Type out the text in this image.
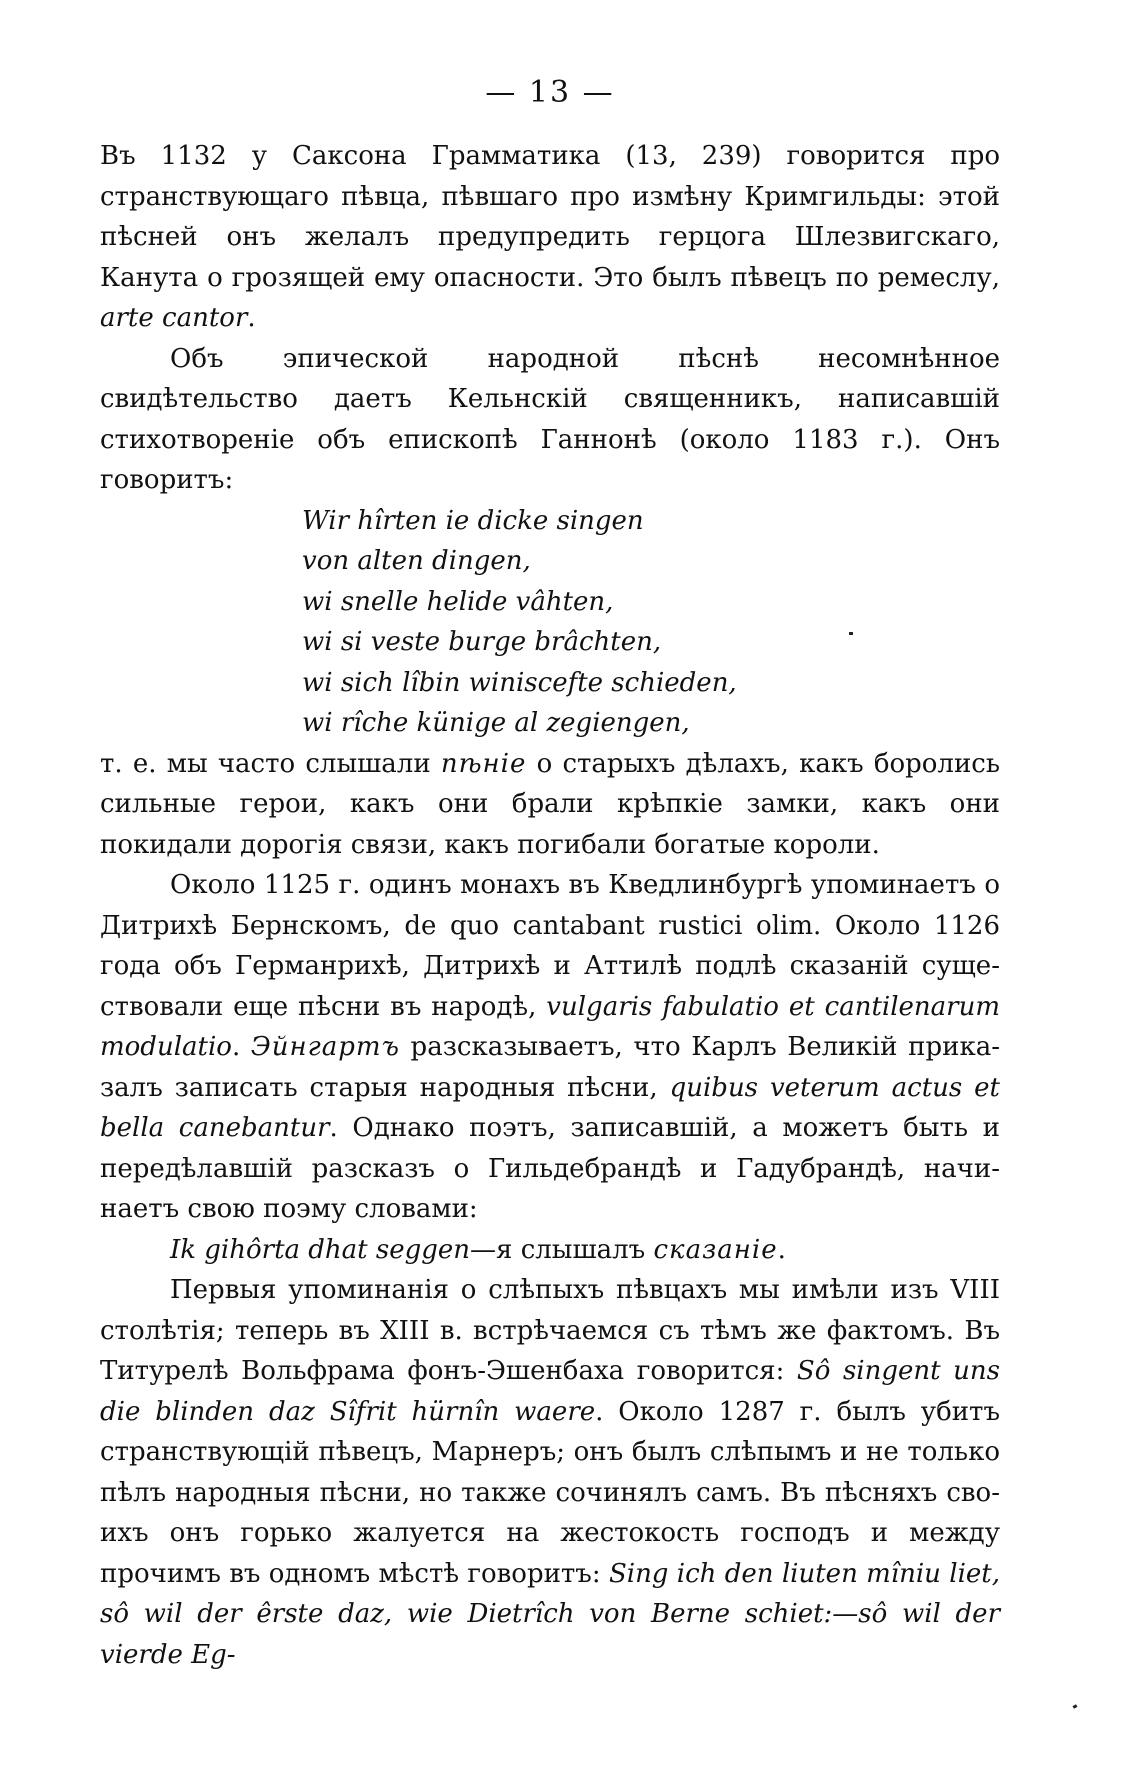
— 13 —

Въ 1132 у Саксона Грамматика (13, 239) говорится про странствующаго пѣвца, пѣвшаго про измѣну Кримгильды: этой пѣсней онъ желалъ предупредить герцога Шлезвигскаго, Канута о грозящей ему опасности. Это былъ пѣвецъ по ремеслу, arte cantor.

Объ эпической народной пѣснѣ несомнѣнное свидѣтельство даетъ Кельнскій священникъ, написавшій стихотвореніе объ епископѣ Ганнонѣ (около 1183 г.). Онъ говоритъ:

Wir hîrten ie dicke singen
von alten dingen,
wi snelle helide vâhten,
wi si veste burge brâchten,
wi sich lîbin winiscefte schieden,
wi rîche künige al zegiengen,

т. е. мы часто слышали пѣніе о старыхъ дѣлахъ, какъ боролись сильные герои, какъ они брали крѣпкіе замки, какъ они покидали дорогія связи, какъ погибали богатые короли.

Около 1125 г. одинъ монахъ въ Кведлинбургѣ упоминаетъ о Дитрихѣ Бернскомъ, de quo cantabant rustici olim. Около 1126 года объ Германрихѣ, Дитрихѣ и Аттилѣ подлѣ сказаній существовали еще пѣсни въ народѣ, vulgaris fabulatio et cantilenarum modulatio. Эйнгартъ разсказываетъ, что Карлъ Великій приказалъ записать старыя народныя пѣсни, quibus veterum actus et bella canebantur. Однако поэтъ, записавшій, а можетъ быть и передѣлавшій разсказъ о Гильдебрандѣ и Гадубрандѣ, начинаетъ свою поэму словами:

Ik gihôrta dhat seggen—я слышалъ сказаніе.

Первыя упоминанія о слѣпыхъ пѣвцахъ мы имѣли изъ VIII столѣтія; теперь въ XIII в. встрѣчаемся съ тѣмъ же фактомъ. Въ Титурелѣ Вольфрама фонъ-Эшенбаха говорится: Sô singent uns die blinden daz Sîfrit hürnîn waere. Около 1287 г. былъ убитъ странствующій пѣвецъ, Марнеръ; онъ былъ слѣпымъ и не только пѣлъ народныя пѣсни, но также сочинялъ самъ. Въ пѣсняхъ своихъ онъ горько жалуется на жестокость господъ и между прочимъ въ одномъ мѣстѣ говоритъ: Sing ich den liuten mîniu liet, sô wil der êrste daz, wie Dietrîch von Berne schiet:—sô wil der vierde Eg-
